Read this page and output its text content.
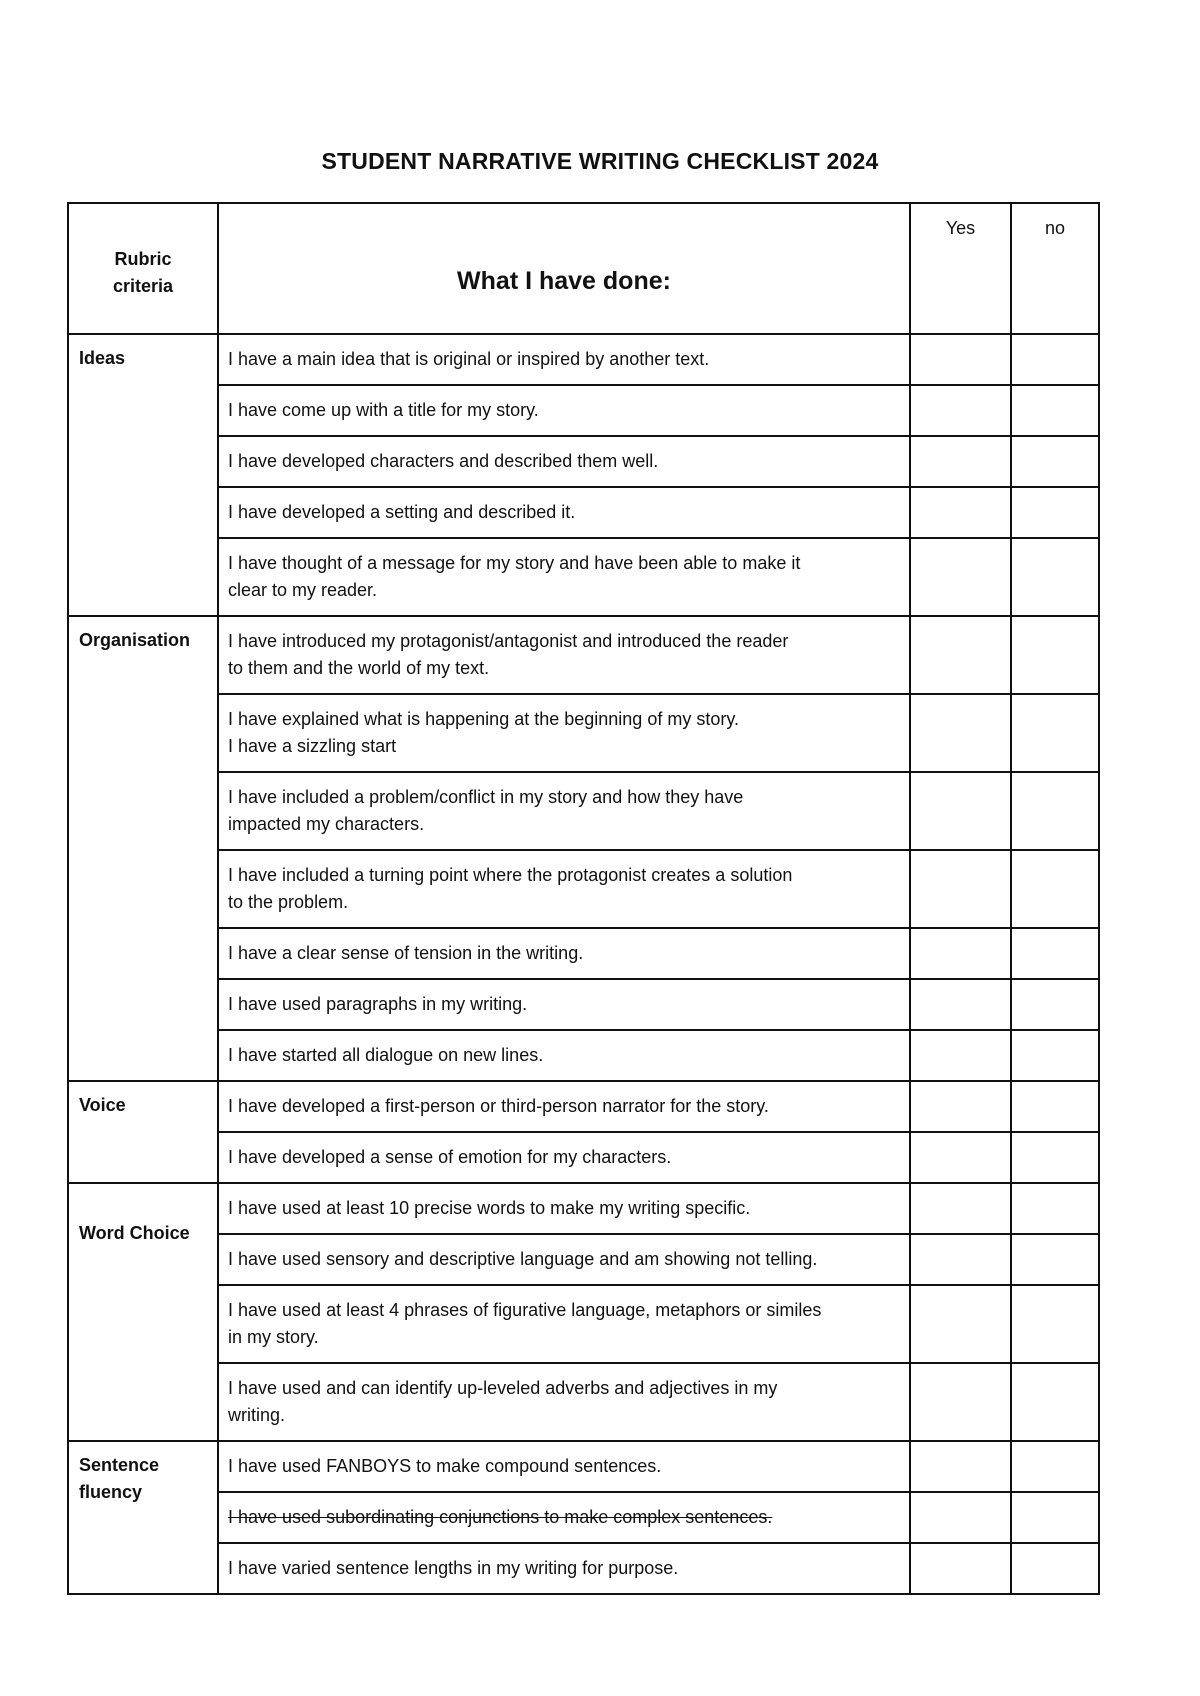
STUDENT NARRATIVE WRITING CHECKLIST 2024
Rubric
criteria	What I have done:	Yes	no
Ideas	I have a main idea that is original or inspired by another text.		
	I have come up with a title for my story.		
	I have developed characters and described them well.		
	I have developed a setting and described it.		

	I have thought of a message for my story and have been able to make it
clear to my reader.		

Organisation	I have introduced my protagonist/antagonist and introduced the reader
to them and the world of my text.		

	I have explained what is happening at the beginning of my story.
I have a sizzling start		

	I have included a problem/conflict in my story and how they have
impacted my characters.		

	I have included a turning point where the protagonist creates a solution
to the problem.		

	I have a clear sense of tension in the writing.		
	I have used paragraphs in my writing.		
	I have started all dialogue on new lines.		
Voice	I have developed a first-person or third-person narrator for the story.		
	I have developed a sense of emotion for my characters.		
Word Choice	I have used at least 10 precise words to make my writing specific.		
	I have used sensory and descriptive language and am showing not telling.		

	I have used at least 4 phrases of figurative language, metaphors or similes
in my story.		

	I have used and can identify up-leveled adverbs and adjectives in my
writing.		

Sentence
fluency	I have used FANBOYS to make compound sentences.		
	I have used subordinating conjunctions to make complex sentences.		
	I have varied sentence lengths in my writing for purpose.		
